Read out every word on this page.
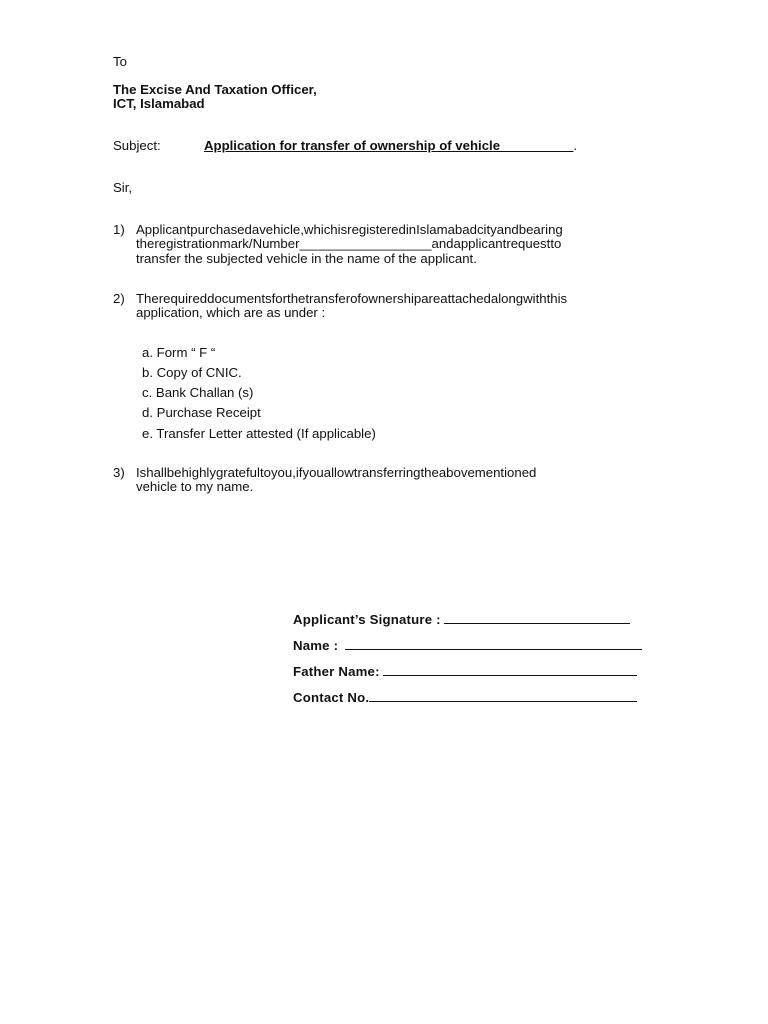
To
The Excise And Taxation Officer,
ICT, Islamabad
Subject:	Application for transfer of ownership of vehicle__________.
Sir,
1) Applicantpurchasedavehicle,whichisregisteredinIslamabadcityandbearing
theregistrationmark/Number__________________andapplicantrequestto
transfer the subjected vehicle in the name of the applicant.
2) Therequireddocumentsforthetransferofownershipareattachedalongwiththis
application, which are as under :
a. Form “ F “
b. Copy of CNIC.
c. Bank Challan (s)
d. Purchase Receipt
e. Transfer Letter attested (If applicable)
3) Ishallbehighlygratefultoyou,ifyouallowtransferringtheabovementioned
vehicle to my name.
Applicant’s Signature :
Name :
Father Name:
Contact No.
